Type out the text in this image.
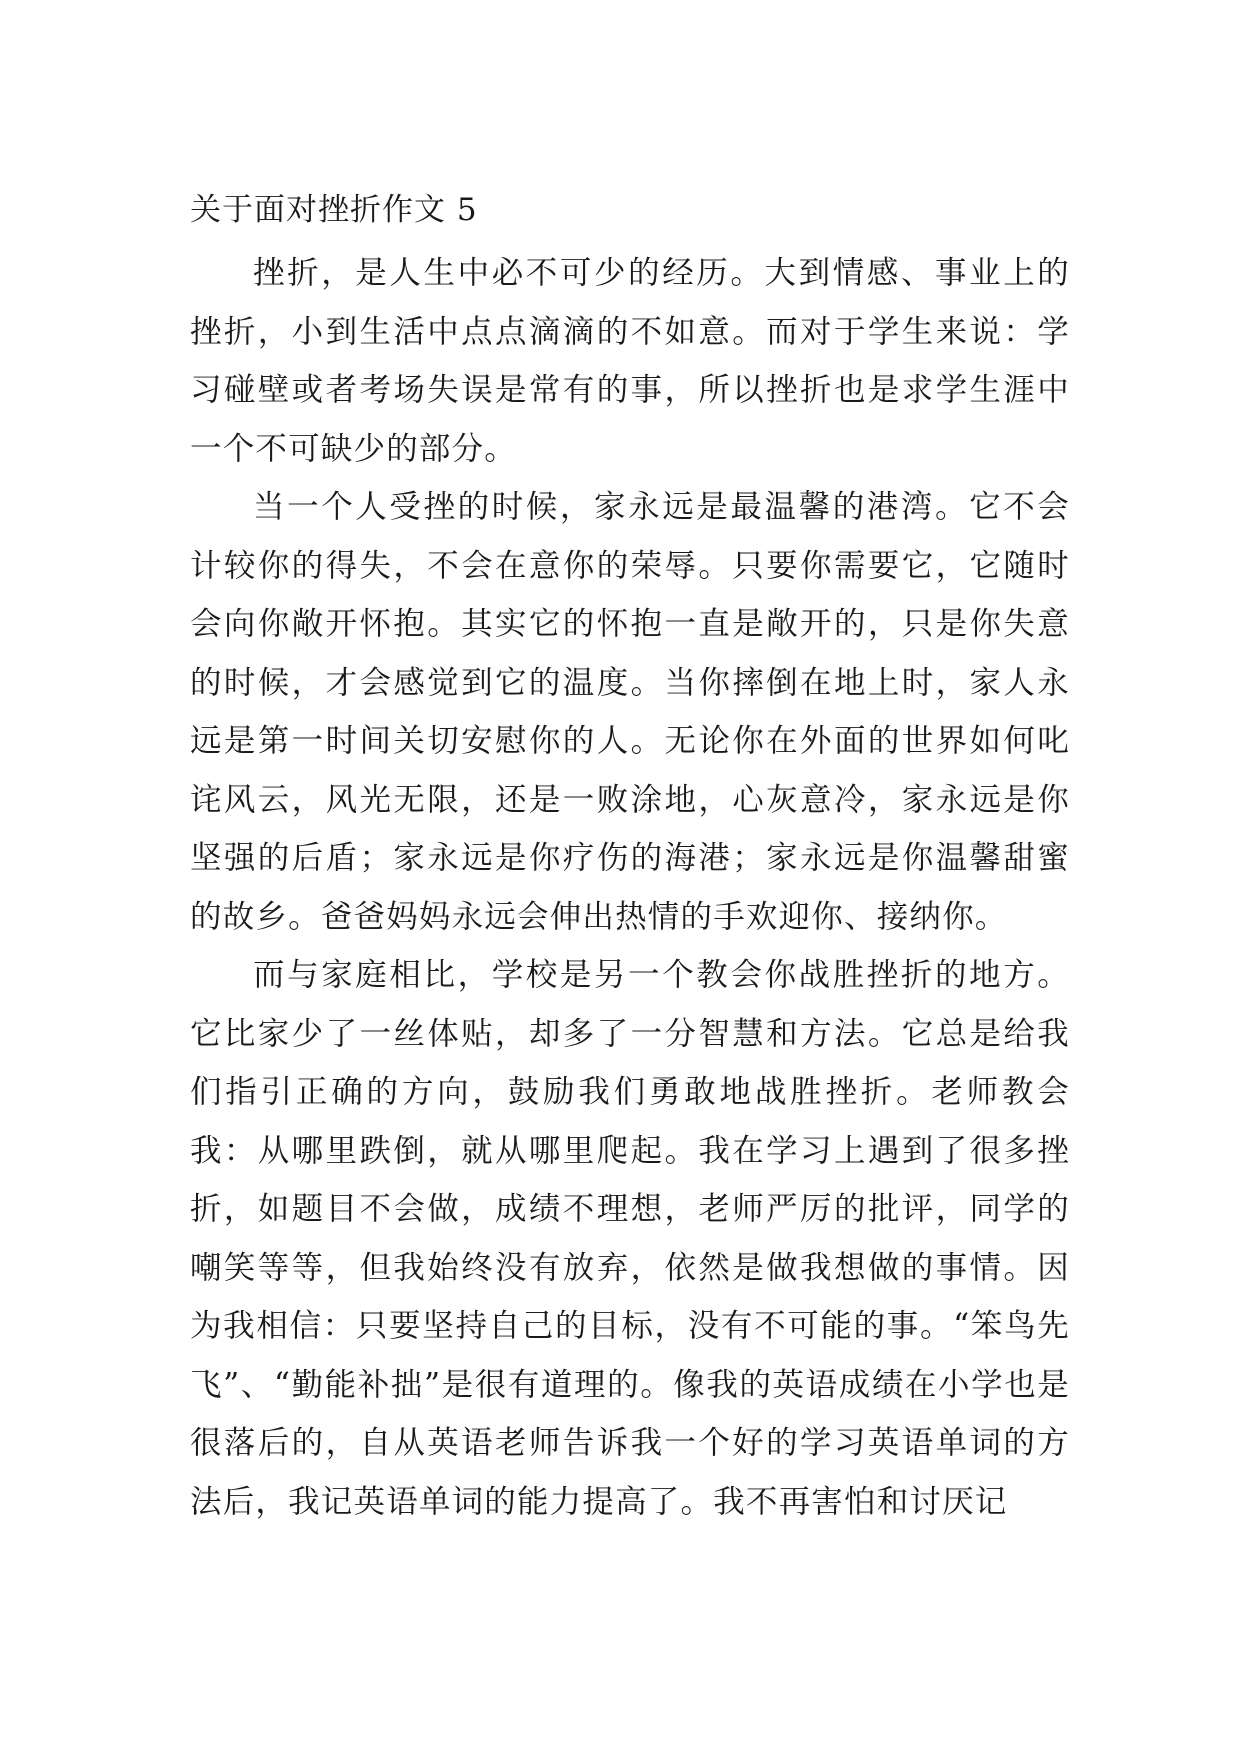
关于面对挫折作文 5

挫折，是人生中必不可少的经历。大到情感、事业上的挫折，小到生活中点点滴滴的不如意。而对于学生来说：学习碰壁或者考场失误是常有的事，所以挫折也是求学生涯中一个不可缺少的部分。

当一个人受挫的时候，家永远是最温馨的港湾。它不会计较你的得失，不会在意你的荣辱。只要你需要它，它随时会向你敞开怀抱。其实它的怀抱一直是敞开的，只是你失意的时候，才会感觉到它的温度。当你摔倒在地上时，家人永远是第一时间关切安慰你的人。无论你在外面的世界如何叱诧风云，风光无限，还是一败涂地，心灰意冷，家永远是你坚强的后盾；家永远是你疗伤的海港；家永远是你温馨甜蜜的故乡。爸爸妈妈永远会伸出热情的手欢迎你、接纳你。

而与家庭相比，学校是另一个教会你战胜挫折的地方。它比家少了一丝体贴，却多了一分智慧和方法。它总是给我们指引正确的方向，鼓励我们勇敢地战胜挫折。老师教会我：从哪里跌倒，就从哪里爬起。我在学习上遇到了很多挫折，如题目不会做，成绩不理想，老师严厉的批评，同学的嘲笑等等，但我始终没有放弃，依然是做我想做的事情。因为我相信：只要坚持自己的目标，没有不可能的事。“笨鸟先飞”、“勤能补拙”是很有道理的。像我的英语成绩在小学也是很落后的，自从英语老师告诉我一个好的学习英语单词的方法后，我记英语单词的能力提高了。我不再害怕和讨厌记
